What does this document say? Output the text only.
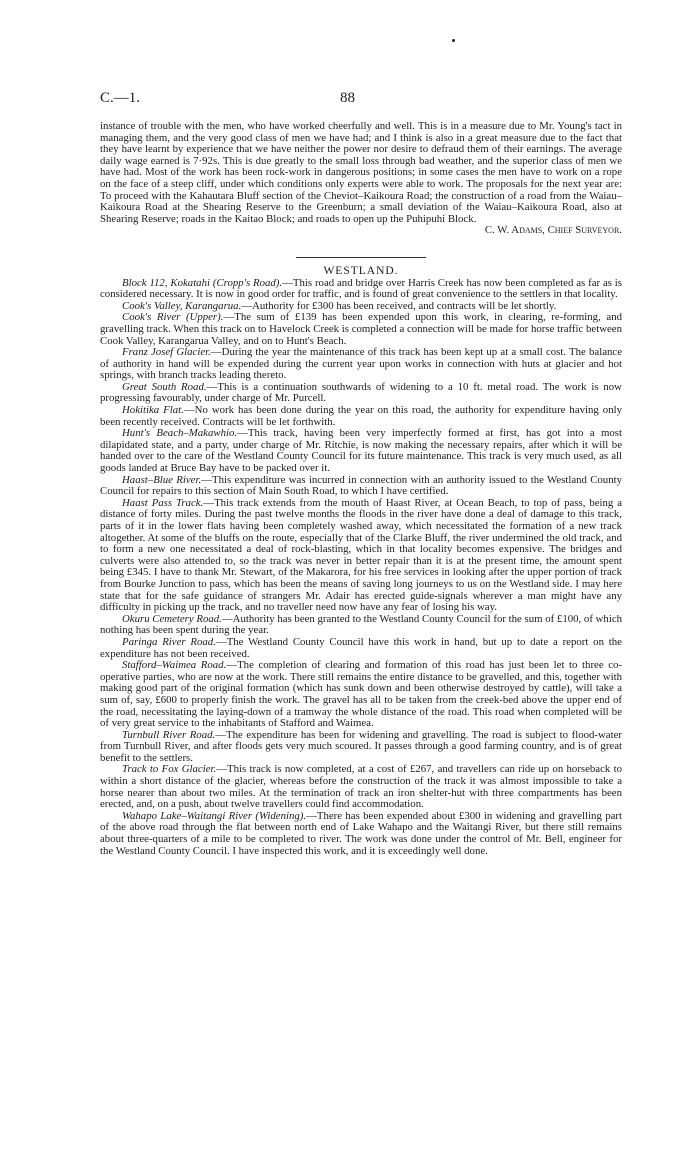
C.—1.	88

instance of trouble with the men, who have worked cheerfully and well. This is in a measure due to Mr. Young's tact in managing them, and the very good class of men we have had; and I think is also in a great measure due to the fact that they have learnt by experience that we have neither the power nor desire to defraud them of their earnings. The average daily wage earned is 7·92s. This is due greatly to the small loss through bad weather, and the superior class of men we have had. Most of the work has been rock-work in dangerous positions; in some cases the men have to work on a rope on the face of a steep cliff, under which conditions only experts were able to work. The proposals for the next year are: To proceed with the Kahautara Bluff section of the Cheviot–Kaikoura Road; the construction of a road from the Waiau–Kaikoura Road at the Shearing Reserve to the Greenburn; a small deviation of the Waiau–Kaikoura Road, also at Shearing Reserve; roads in the Kaitao Block; and roads to open up the Puhipuhi Block.

C. W. Adams, Chief Surveyor.

WESTLAND.

Block 112, Kokatahi (Cropp's Road).—This road and bridge over Harris Creek has now been completed as far as is considered necessary. It is now in good order for traffic, and is found of great convenience to the settlers in that locality.

Cook's Valley, Karangarua.—Authority for £300 has been received, and contracts will be let shortly.

Cook's River (Upper).—The sum of £139 has been expended upon this work, in clearing, re-forming, and gravelling track. When this track on to Havelock Creek is completed a connection will be made for horse traffic between Cook Valley, Karangarua Valley, and on to Hunt's Beach.

Franz Josef Glacier.—During the year the maintenance of this track has been kept up at a small cost. The balance of authority in hand will be expended during the current year upon works in connection with huts at glacier and hot springs, with branch tracks leading thereto.

Great South Road.—This is a continuation southwards of widening to a 10 ft. metal road. The work is now progressing favourably, under charge of Mr. Purcell.

Hokitika Flat.—No work has been done during the year on this road, the authority for expenditure having only been recently received. Contracts will be let forthwith.

Hunt's Beach–Makawhio.—This track, having been very imperfectly formed at first, has got into a most dilapidated state, and a party, under charge of Mr. Ritchie, is now making the necessary repairs, after which it will be handed over to the care of the Westland County Council for its future maintenance. This track is very much used, as all goods landed at Bruce Bay have to be packed over it.

Haast–Blue River.—This expenditure was incurred in connection with an authority issued to the Westland County Council for repairs to this section of Main South Road, to which I have certified.

Haast Pass Track.—This track extends from the mouth of Haast River, at Ocean Beach, to top of pass, being a distance of forty miles. During the past twelve months the floods in the river have done a deal of damage to this track, parts of it in the lower flats having been completely washed away, which necessitated the formation of a new track altogether. At some of the bluffs on the route, especially that of the Clarke Bluff, the river undermined the old track, and to form a new one necessitated a deal of rock-blasting, which in that locality becomes expensive. The bridges and culverts were also attended to, so the track was never in better repair than it is at the present time, the amount spent being £345. I have to thank Mr. Stewart, of the Makarora, for his free services in looking after the upper portion of track from Bourke Junction to pass, which has been the means of saving long journeys to us on the Westland side. I may here state that for the safe guidance of strangers Mr. Adair has erected guide-signals wherever a man might have any difficulty in picking up the track, and no traveller need now have any fear of losing his way.

Okuru Cemetery Road.—Authority has been granted to the Westland County Council for the sum of £100, of which nothing has been spent during the year.

Paringa River Road.—The Westland County Council have this work in hand, but up to date a report on the expenditure has not been received.

Stafford–Waimea Road.—The completion of clearing and formation of this road has just been let to three co-operative parties, who are now at the work. There still remains the entire distance to be gravelled, and this, together with making good part of the original formation (which has sunk down and been otherwise destroyed by cattle), will take a sum of, say, £600 to properly finish the work. The gravel has all to be taken from the creek-bed above the upper end of the road, necessitating the laying-down of a tramway the whole distance of the road. This road when completed will be of very great service to the inhabitants of Stafford and Waimea.

Turnbull River Road.—The expenditure has been for widening and gravelling. The road is subject to flood-water from Turnbull River, and after floods gets very much scoured. It passes through a good farming country, and is of great benefit to the settlers.

Track to Fox Glacier.—This track is now completed, at a cost of £267, and travellers can ride up on horseback to within a short distance of the glacier, whereas before the construction of the track it was almost impossible to take a horse nearer than about two miles. At the termination of track an iron shelter-hut with three compartments has been erected, and, on a push, about twelve travellers could find accommodation.

Wahapo Lake–Waitangi River (Widening).—There has been expended about £300 in widening and gravelling part of the above road through the flat between north end of Lake Wahapo and the Waitangi River, but there still remains about three-quarters of a mile to be completed to river. The work was done under the control of Mr. Bell, engineer for the Westland County Council. I have inspected this work, and it is exceedingly well done.
